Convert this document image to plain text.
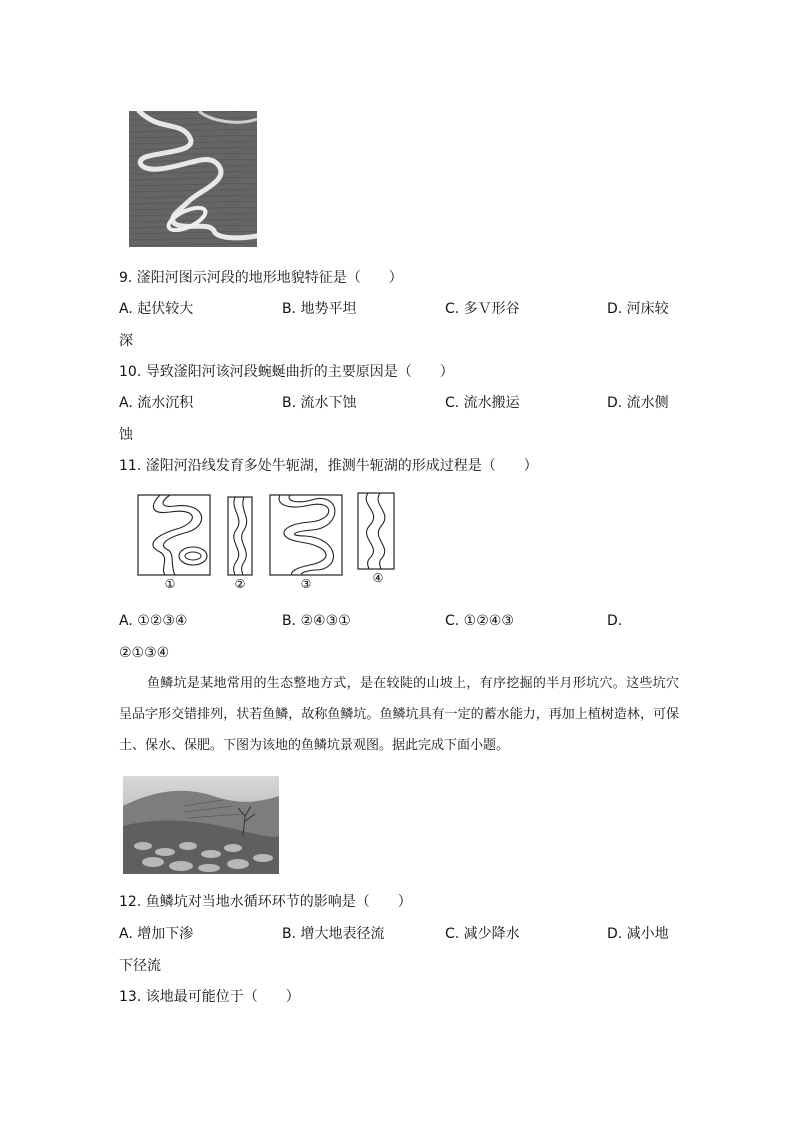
9. 滏阳河图示河段的地形地貌特征是（　　）
A. 起伏较大	B. 地势平坦	C. 多Ｖ形谷	D. 河床较
深
10. 导致滏阳河该河段蜿蜒曲折的主要原因是（　　）
A. 流水沉积	B. 流水下蚀	C. 流水搬运	D. 流水侧
蚀
11. 滏阳河沿线发育多处牛轭湖，推测牛轭湖的形成过程是（　　）
①	②	③	④
A. ①②③④	B. ②④③①	C. ①②④③	D.
②①③④
鱼鳞坑是某地常用的生态整地方式，是在较陡的山坡上，有序挖掘的半月形坑穴。这些坑穴呈品字形交错排列，状若鱼鳞，故称鱼鳞坑。鱼鳞坑具有一定的蓄水能力，再加上植树造林，可保土、保水、保肥。下图为该地的鱼鳞坑景观图。据此完成下面小题。
12. 鱼鳞坑对当地水循环环节的影响是（　　）
A. 增加下渗	B. 增大地表径流	C. 减少降水	D. 减小地
下径流
13. 该地最可能位于（　　）
